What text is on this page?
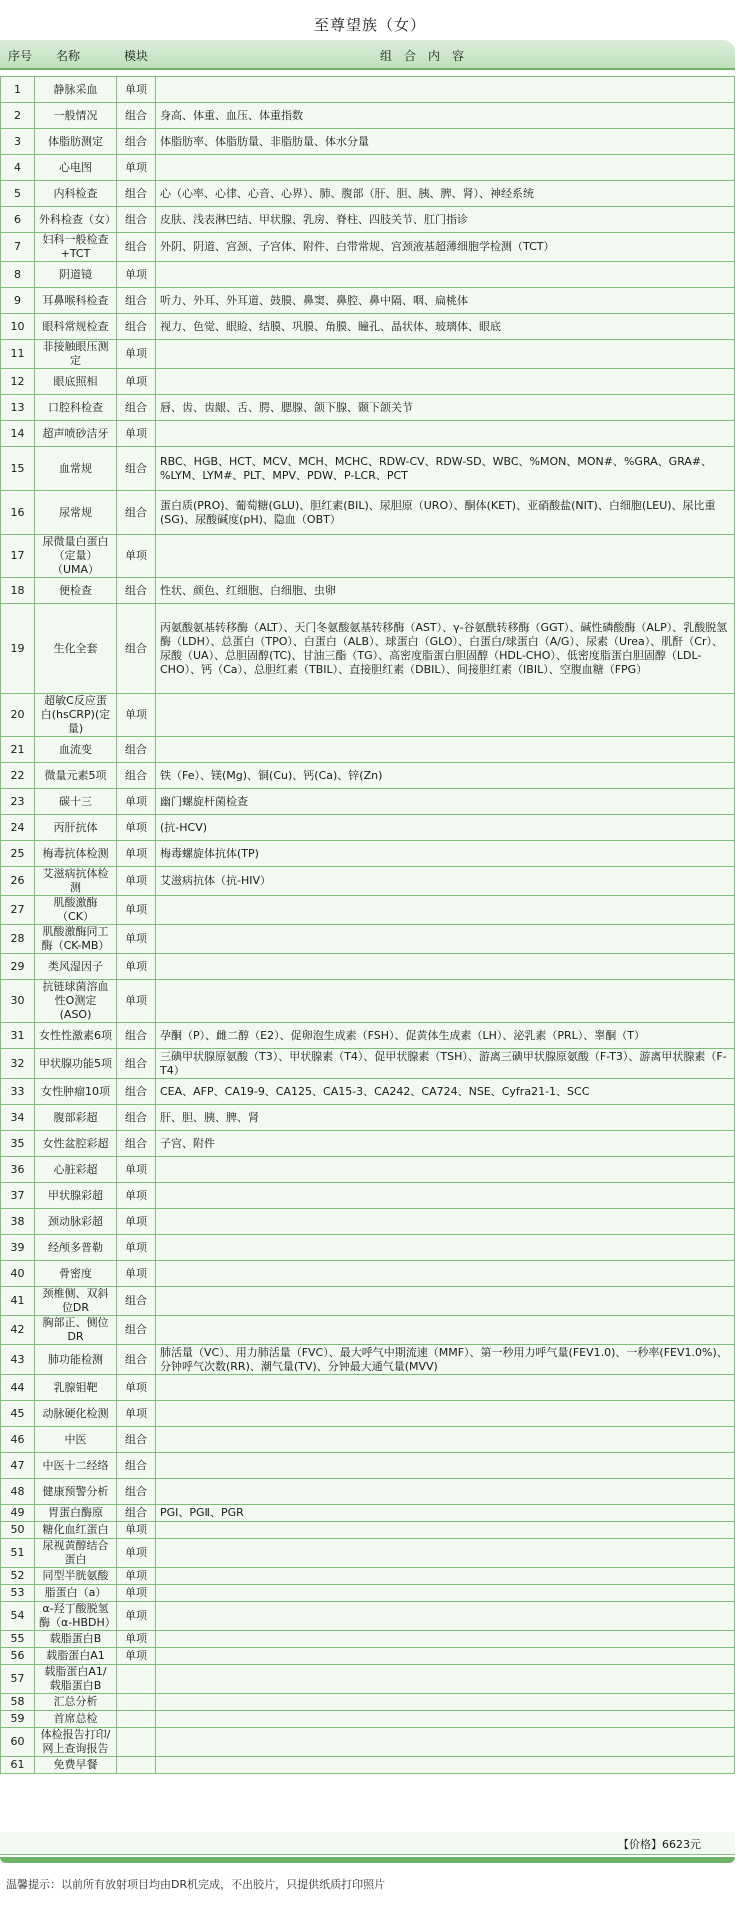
至尊望族（女）
序号 名称	模块	组　合　内　容
1	静脉采血	单项	
2	一般情况	组合	身高、体重、血压、体重指数
3	体脂肪测定	组合	体脂肪率、体脂肪量、非脂肪量、体水分量
4	心电图	单项	
5	内科检查	组合	心（心率、心律、心音、心界）、肺、腹部（肝、胆、胰、脾、肾）、神经系统
6	外科检查（女）	组合	皮肤、浅表淋巴结、甲状腺、乳房、脊柱、四肢关节、肛门指诊
7	妇科一般检查+TCT	组合	外阴、阴道、宫颈、子宫体、附件、白带常规、宫颈液基超薄细胞学检测（TCT）
8	阴道镜	单项	
9	耳鼻喉科检查	组合	听力、外耳、外耳道、鼓膜、鼻窦、鼻腔、鼻中隔、咽、扁桃体
10	眼科常规检查	组合	视力、色觉、眼睑、结膜、巩膜、角膜、瞳孔、晶状体、玻璃体、眼底
11	非接触眼压测定	单项	
12	眼底照相	单项	
13	口腔科检查	组合	唇、齿、齿龈、舌、腭、腮腺、颌下腺、颞下颌关节
14	超声喷砂洁牙	单项	
15	血常规	组合	RBC、HGB、HCT、MCV、MCH、MCHC、RDW-CV、RDW-SD、WBC、%MON、MON#、%GRA、GRA#、%LYM、LYM#、PLT、MPV、PDW、P-LCR、PCT
16	尿常规	组合	蛋白质(PRO)、葡萄糖(GLU)、胆红素(BIL)、尿胆原（URO）、酮体(KET)、亚硝酸盐(NIT)、白细胞(LEU)、尿比重(SG)、尿酸碱度(pH)、隐血（OBT）
17	尿微量白蛋白（定量）（UMA）	单项	
18	便检查	组合	性状、颜色、红细胞、白细胞、虫卵
19	生化全套	组合	丙氨酸氨基转移酶（ALT）、天门冬氨酸氨基转移酶（AST）、γ-谷氨酰转移酶（GGT）、碱性磷酸酶（ALP）、乳酸脱氢酶（LDH）、总蛋白（TPO）、白蛋白（ALB）、球蛋白（GLO）、白蛋白/球蛋白（A/G）、尿素（Urea）、肌酐（Cr）、尿酸（UA）、总胆固醇(TC)、甘油三酯（TG）、高密度脂蛋白胆固醇（HDL-CHO）、低密度脂蛋白胆固醇（LDL-CHO）、钙（Ca）、总胆红素（TBIL）、直接胆红素（DBIL）、间接胆红素（IBIL）、空腹血糖（FPG）
20	超敏C反应蛋白(hsCRP)(定量)	单项	
21	血流变	组合	
22	微量元素5项	组合	铁（Fe）、镁(Mg)、铜(Cu)、钙(Ca)、锌(Zn)
23	碳十三	单项	幽门螺旋杆菌检查
24	丙肝抗体	单项	(抗-HCV)
25	梅毒抗体检测	单项	梅毒螺旋体抗体(TP)
26	艾滋病抗体检测	单项	艾滋病抗体（抗-HIV）
27	肌酸激酶（CK）	单项	
28	肌酸激酶同工酶（CK-MB）	单项	
29	类风湿因子	单项	
30	抗链球菌溶血性O测定(ASO)	单项	
31	女性性激素6项	组合	孕酮（P）、雌二醇（E2）、促卵泡生成素（FSH）、促黄体生成素（LH）、泌乳素（PRL）、睾酮（T）
32	甲状腺功能5项	组合	三碘甲状腺原氨酸（T3）、甲状腺素（T4）、促甲状腺素（TSH）、游离三碘甲状腺原氨酸（F-T3）、游离甲状腺素（F-T4）
33	女性肿瘤10项	组合	CEA、AFP、CA19-9、CA125、CA15-3、CA242、CA724、NSE、Cyfra21-1、SCC
34	腹部彩超	组合	肝、胆、胰、脾、肾
35	女性盆腔彩超	组合	子宫、附件
36	心脏彩超	单项	
37	甲状腺彩超	单项	
38	颈动脉彩超	单项	
39	经颅多普勒	单项	
40	骨密度	单项	
41	颈椎侧、双斜位DR	组合	
42	胸部正、侧位DR	组合	
43	肺功能检测	组合	肺活量（VC）、用力肺活量（FVC）、最大呼气中期流速（MMF）、第一秒用力呼气量(FEV1.0)、一秒率(FEV1.0%)、分钟呼气次数(RR)、潮气量(TV)、分钟最大通气量(MVV)
44	乳腺钼靶	单项	
45	动脉硬化检测	单项	
46	中医	组合	
47	中医十二经络	组合	
48	健康预警分析	组合	
49	胃蛋白酶原	组合	PGⅠ、PGⅡ、PGR
50	糖化血红蛋白	单项	
51	尿视黄醇结合蛋白	单项	
52	同型半胱氨酸	单项	
53	脂蛋白（a）	单项	
54	α-羟丁酸脱氢酶（α-HBDH）	单项	
55	载脂蛋白B	单项	
56	载脂蛋白A1	单项	
57	载脂蛋白A1/载脂蛋白B		
58	汇总分析		
59	首席总检		
60	体检报告打印/网上查询报告		
61	免费早餐		
【价格】 6623元
温馨提示：以前所有放射项目均由DR机完成，不出胶片，只提供纸质打印照片
